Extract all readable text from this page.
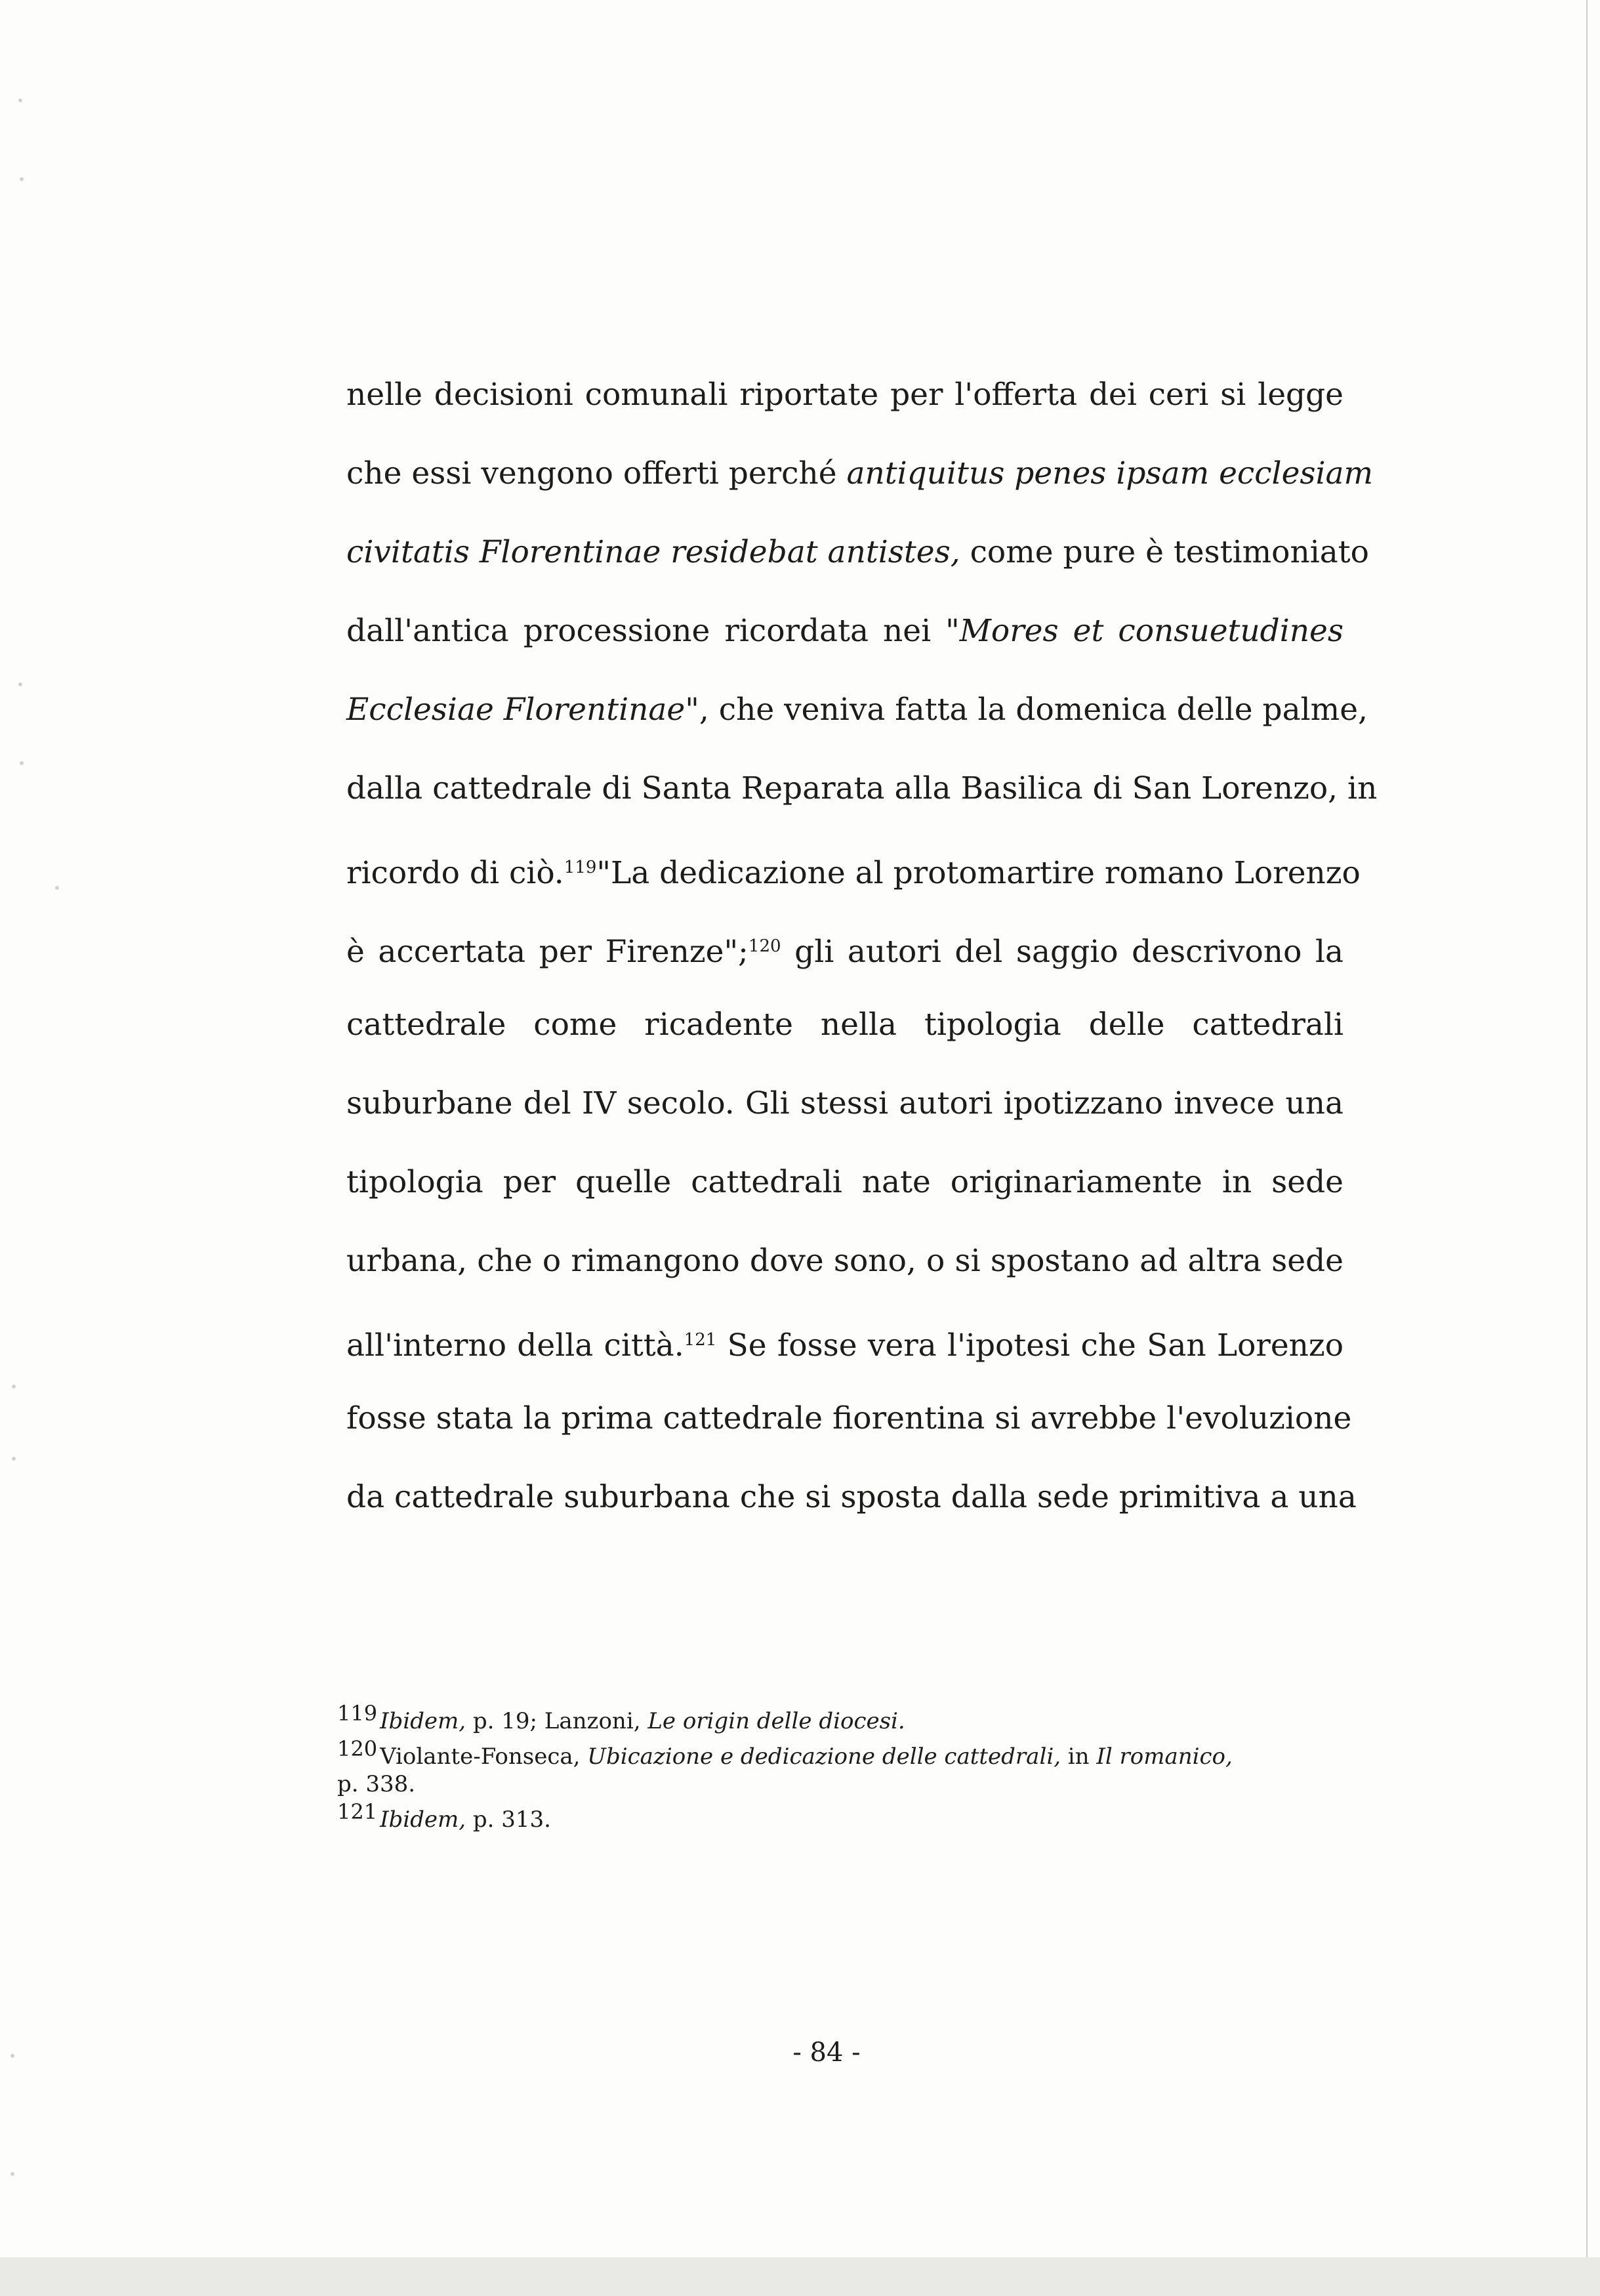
nelle decisioni comunali riportate per l'offerta dei ceri si legge
che essi vengono offerti perché antiquitus penes ipsam ecclesiam
civitatis Florentinae residebat antistes, come pure è testimoniato
dall'antica processione ricordata nei "Mores et consuetudines
Ecclesiae Florentinae", che veniva fatta la domenica delle palme,
dalla cattedrale di Santa Reparata alla Basilica di San Lorenzo, in
ricordo di ciò.$^{119}$"La dedicazione al protomartire romano Lorenzo
è accertata per Firenze";$^{120}$ gli autori del saggio descrivono la
cattedrale come ricadente nella tipologia delle cattedrali
suburbane del IV secolo. Gli stessi autori ipotizzano invece una
tipologia per quelle cattedrali nate originariamente in sede
urbana, che o rimangono dove sono, o si spostano ad altra sede
all'interno della città.$^{121}$ Se fosse vera l'ipotesi che San Lorenzo
fosse stata la prima cattedrale fiorentina si avrebbe l'evoluzione
da cattedrale suburbana che si sposta dalla sede primitiva a una
119 Ibidem, p. 19; Lanzoni, Le origin delle diocesi.
120 Violante-Fonseca, Ubicazione e dedicazione delle cattedrali, in Il romanico,
p. 338.
121 Ibidem, p. 313.
- 84 -
